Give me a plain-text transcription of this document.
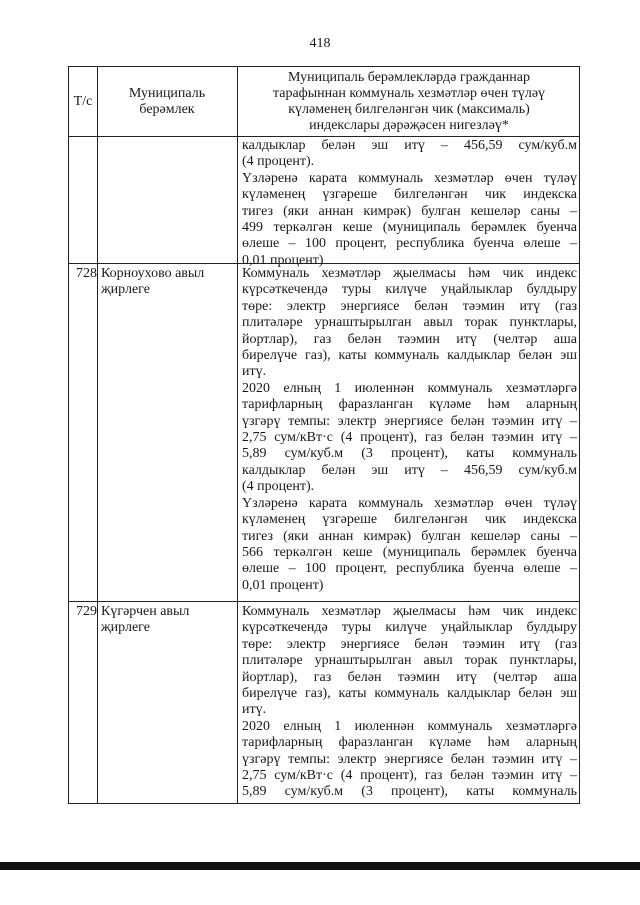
418
Т/с
Муниципаль
берәмлек
Муниципаль берәмлекләрдә гражданнар
тарафыннан коммуналь хезмәтләр өчен түләү
күләменең билгеләнгән чик (максималь)
индекслары дәрәҗәсен нигезләү*
калдыклар белән эш итү – 456,59 сум/куб.м
(4 процент).
Үзләренә карата коммуналь хезмәтләр өчен түләү
күләменең үзгәреше билгеләнгән чик индекска
тигез (яки аннан кимрәк) булган кешеләр саны –
499 теркәлгән кеше (муниципаль берәмлек буенча
өлеше – 100 процент, республика буенча өлеше –
0,01 процент)
728 Корноухово авыл
җирлеге
Коммуналь хезмәтләр җыелмасы һәм чик индекс
күрсәткечендә туры килүче уңайлыклар булдыру
төре: электр энергиясе белән тәэмин итү (газ
плитәләре урнаштырылган авыл торак пунктлары,
йортлар), газ белән тәэмин итү (челтәр аша
бирелүче газ), каты коммуналь калдыклар белән эш
итү.
2020 елның 1 июленнән коммуналь хезмәтләргә
тарифларның фаразланган күләме һәм аларның
үзгәрү темпы: электр энергиясе белән тәэмин итү –
2,75 сум/кВт·с (4 процент), газ белән тәэмин итү –
5,89 сум/куб.м (3 процент), каты коммуналь
калдыклар белән эш итү – 456,59 сум/куб.м
(4 процент).
Үзләренә карата коммуналь хезмәтләр өчен түләү
күләменең үзгәреше билгеләнгән чик индекска
тигез (яки аннан кимрәк) булган кешеләр саны –
566 теркәлгән кеше (муниципаль берәмлек буенча
өлеше – 100 процент, республика буенча өлеше –
0,01 процент)
729 Күгәрчен авыл
җирлеге
Коммуналь хезмәтләр җыелмасы һәм чик индекс
күрсәткечендә туры килүче уңайлыклар булдыру
төре: электр энергиясе белән тәэмин итү (газ
плитәләре урнаштырылган авыл торак пунктлары,
йортлар), газ белән тәэмин итү (челтәр аша
бирелүче газ), каты коммуналь калдыклар белән эш
итү.
2020 елның 1 июленнән коммуналь хезмәтләргә
тарифларның фаразланган күләме һәм аларның
үзгәрү темпы: электр энергиясе белән тәэмин итү –
2,75 сум/кВт·с (4 процент), газ белән тәэмин итү –
5,89 сум/куб.м (3 процент), каты коммуналь
